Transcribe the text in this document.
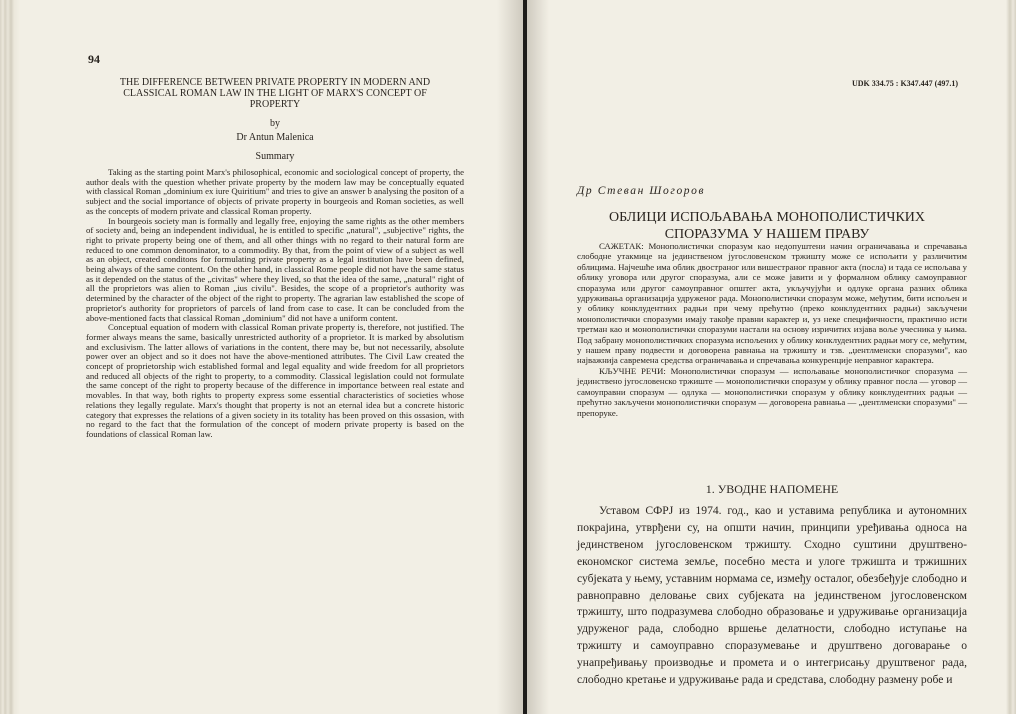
94
THE DIFFERENCE BETWEEN PRIVATE PROPERTY IN MODERN AND CLASSICAL ROMAN LAW IN THE LIGHT OF MARX'S CONCEPT OF PROPERTY
by
Dr Antun Malenica
Summary

Taking as the starting point Marx's philosophical, economic and sociological concept of property, the author deals with the question whether private property by the modern law may be conceptually equated with classical Roman „dominium ex iure Quiritium" and tries to give an answer b analysing the positon of a subject and the social importance of objects of private property in bourgeois and Roman societies, as well as the concepts of modern private and classical Roman property.

In bourgeois society man is formally and legally free, enjoying the same rights as the other members of society and, being an independent individual, he is entitled to specific „natural", „subjective" rights, the right to private property being one of them, and all other things with no regard to their natural form are reduced to one common denominator, to a commodity. By that, from the point of view of a subject as well as an object, created conditons for formulating private property as a legal institution have been defined, being always of the same content. On the other hand, in classical Rome people did not have the same status as it depended on the status of the „civitas" where they lived, so that the idea of the same, „natural" right of all the proprietors was alien to Roman „ius civilu". Besides, the scope of a proprietor's authority was determined by the character of the object of the right to property. The agrarian law established the scope of proprietor's authority for proprietors of parcels of land from case to case. It can be concluded from the above-mentioned facts that classical Roman „dominium" did not have a uniform content.

Conceptual equation of modern with classical Roman private property is, therefore, not justified. The former always means the same, basically unrestricted authority of a proprietor. It is marked by absolutism and exclusivism. The latter allows of variations in the content, there may be, but not necessarily, absolute power over an object and so it does not have the above-mentioned attributes. The Civil Law created the concept of proprietorship wich established formal and legal equality and wide freedom for all proprietors and reduced all objects of the right to property, to a commodity. Classical legislation could not formulate the same concept of the right to property because of the difference in importance between real estate and movables. In that way, both rights to property express some essential characteristics of societies whose relations they legally regulate. Marx's thought that property is not an eternal idea but a concrete historic category that expresses the relations of a given society in its totality has been proved on this ossasion, with no regard to the fact that the formulation of the concept of modern private property is based on the foundations of classical Roman law.

UDK 334.75 : K347.447 (497.1)
Др Стеван Шогоров
ОБЛИЦИ ИСПОЉАВАЊА МОНОПОЛИСТИЧКИХ СПОРАЗУМА У НАШЕМ ПРАВУ

САЖЕТАК: Монополистички споразум као недопуштени начин ограничавања и спречавања слободне утакмице на јединственом југословенском тржишту може се испољити у различитим облицима. Најчешће има облик двостраног или вишестраног правног акта (посла) и тада се испољава у облику уговора или другог споразума, али се може јавити и у формалном облику самоуправног споразума или другог самоуправног општег акта, укључујући и одлуке органа разних облика удруживања организација удруженог рада. Монополистички споразум може, међутим, бити испољен и у облику конклудентних радњи при чему прећутно (преко конклудентних радњи) закључени монополистички споразуми имају такође правни карактер и, уз неке специфичности, практично исти третман као и монополистички споразуми настали на основу изричитих изјава воље учесника у њима. Под забрану монополистичких споразума испољених у облику конклудентних радњи могу се, међутим, у нашем праву подвести и договорена равнања на тржишту и тзв. „џентлменски споразуми", као најважнија савремена средства ограничавања и спречавања конкуренције неправног карактера.

КЉУЧНЕ РЕЧИ: Монополистички споразум — испољавање монополистичког споразума — јединствено југословенско тржиште — монополистички споразум у облику правног посла — уговор — самоуправни споразум — одлука — монополистички споразум у облику конклудентних радњи — прећутно закључени монополистички споразум — договорена равнања — „џентлменски споразуми" — препоруке.

1. УВОДНЕ НАПОМЕНЕ

Уставом СФРЈ из 1974. год., као и уставима република и аутономних покрајина, утврђени су, на општи начин, принципи уређивања односа на јединственом југословенском тржишту. Сходно суштини друштвено-економског система земље, посебно места и улоге тржишта и тржишних субјеката у њему, уставним нормама се, између осталог, обезбеђује слободно и равноправно деловање свих субјеката на јединственом југословенском тржишту, што подразумева слободно образовање и удруживање организација удруженог рада, слободно вршење делатности, слободно иступање на тржишту и самоуправно споразумевање и друштвено договарање о унапређивању производње и промета и о интегрисању друштвеног рада, слободно кретање и удруживање рада и средстава, слободну размену робе и
